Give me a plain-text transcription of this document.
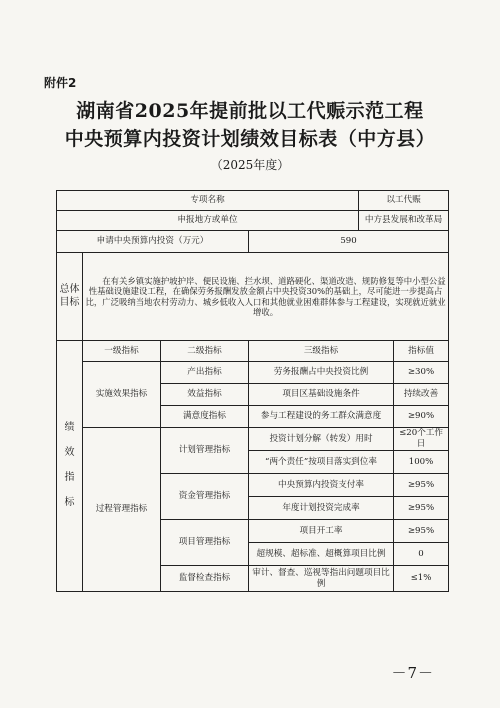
附件2
湖南省2025年提前批以工代赈示范工程
中央预算内投资计划绩效目标表（中方县）
（2025年度）
专项名称				以工代赈	
申报地方或单位				中方县发展和改革局	
申请中央预算内投资（万元）			590		

总体
目标	在有关乡镇实施护坡护岸、便民设施、拦水坝、道路硬化、渠道改造、规防修复等中小型公益性基础设施建设工程，在确保劳务报酬发放金额占中央投资30%的基础上，尽可能进一步提高占比，广泛吸纳当地农村劳动力、城乡低收入人口和其他就业困难群体参与工程建设，实现就近就业增收。				

绩

效

指

标	一级指标	二级指标	三级指标		指标值
	实施效果指标	产出指标	劳务报酬占中央投资比例		≥30%
		效益指标	项目区基础设施条件		持续改善
		满意度指标	参与工程建设的务工群众满意度		≥90%
	过程管理指标	计划管理指标	投资计划分解（转发）用时		≤20个工作日
			“两个责任”按项目落实到位率		100%
		资金管理指标	中央预算内投资支付率		≥95%
			年度计划投资完成率		≥95%
		项目管理指标	项目开工率		≥95%
			超规模、超标准、超概算项目比例		0
		监督检查指标	审计、督查、巡视等指出问题项目比例		≤1%
－7－
